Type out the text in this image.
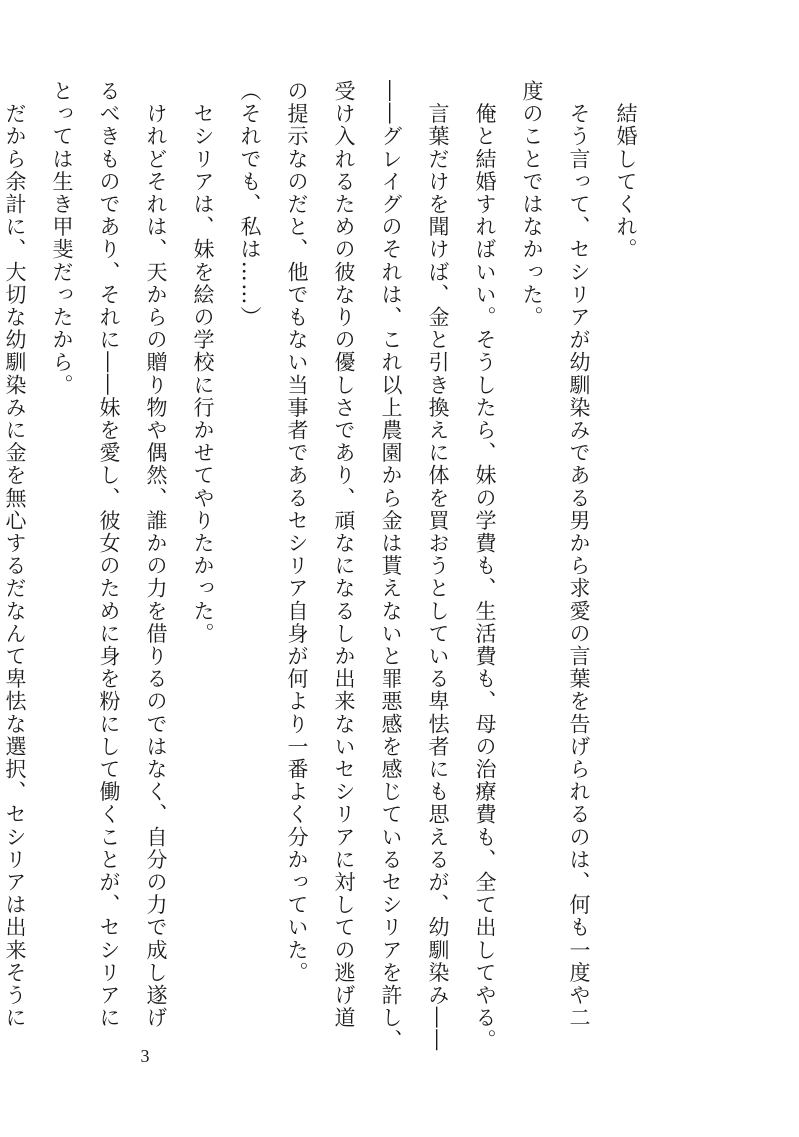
　結婚してくれ。
　そう言って、セシリアが幼馴染みである男から求愛の言葉を告げられるのは、何も一度や二
度のことではなかった。
　俺と結婚すればいい。そうしたら、妹の学費も、生活費も、母の治療費も、全て出してやる。
　言葉だけを聞けば、金と引き換えに体を買おうとしている卑怯者にも思えるが、幼馴染み――
――グレイグのそれは、これ以上農園から金は貰えないと罪悪感を感じているセシリアを許し、
受け入れるための彼なりの優しさであり、頑なになるしか出来ないセシリアに対しての逃げ道
の提示なのだと、他でもない当事者であるセシリア自身が何より一番よく分かっていた。
（それでも、私は……）
　セシリアは、妹を絵の学校に行かせてやりたかった。
　けれどそれは、天からの贈り物や偶然、誰かの力を借りるのではなく、自分の力で成し遂げ
るべきものであり、それに――妹を愛し、彼女のために身を粉にして働くことが、セシリアに
とっては生き甲斐だったから。
　だから余計に、大切な幼馴染みに金を無心するだなんて卑怯な選択、セシリアは出来そうに
3
